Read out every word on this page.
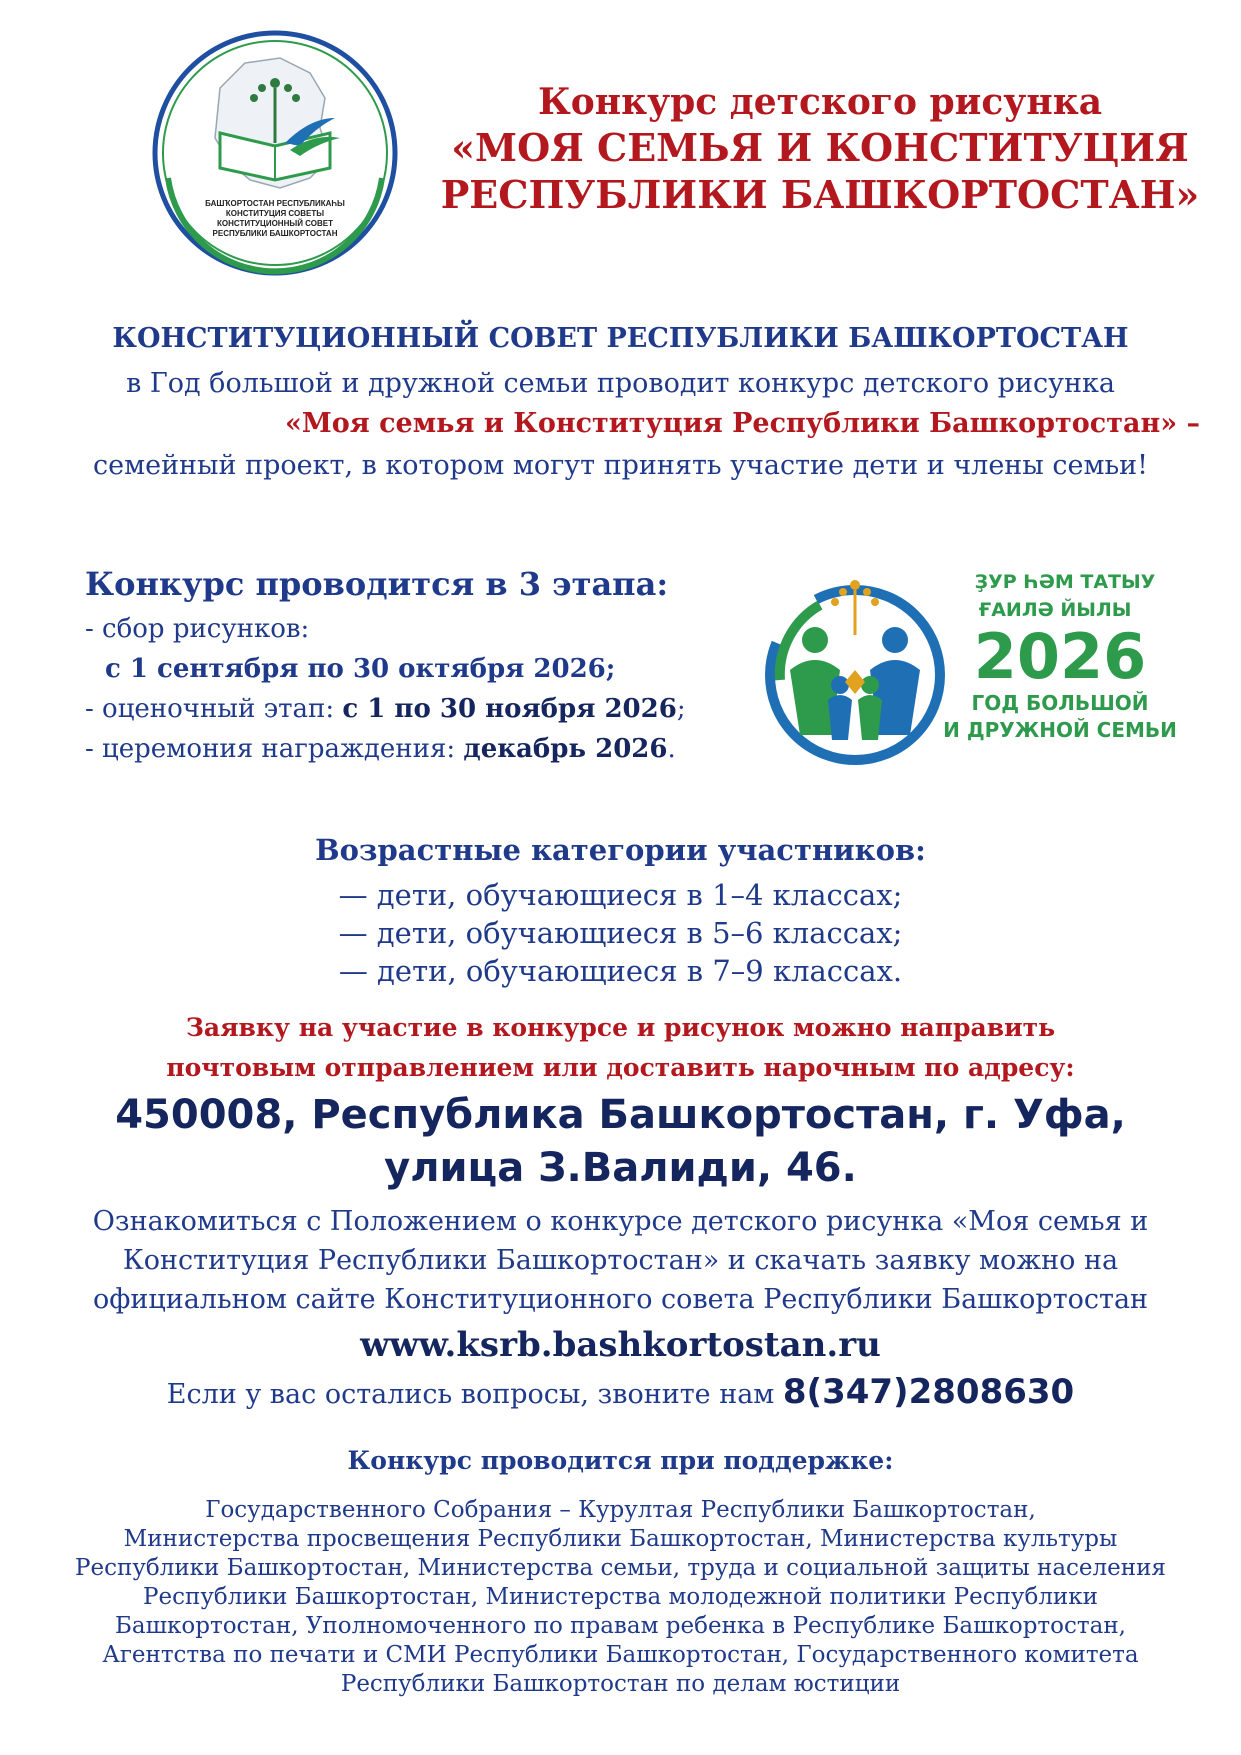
БАШҠОРТОСТАН РЕСПУБЛИКАҺЫ
КОНСТИТУЦИЯ СОВЕТЫ
КОНСТИТУЦИОННЫЙ СОВЕТ
РЕСПУБЛИКИ БАШКОРТОСТАН
Конкурс детского рисунка
«МОЯ СЕМЬЯ И КОНСТИТУЦИЯ
РЕСПУБЛИКИ БАШКОРТОСТАН»
КОНСТИТУЦИОННЫЙ СОВЕТ РЕСПУБЛИКИ БАШКОРТОСТАН
в Год большой и дружной семьи проводит конкурс детского рисунка
«Моя семья и Конституция Республики Башкортостан» –
семейный проект, в котором могут принять участие дети и члены семьи!
Конкурс проводится в 3 этапа:
- сбор рисунков:
с 1 сентября по 30 октября 2026;
- оценочный этап: с 1 по 30 ноября 2026;
- церемония награждения: декабрь 2026.
ҘУР ҺӘМ ТАТЫУ
ҒАИЛӘ ЙЫЛЫ
2026
ГОД БОЛЬШОЙ
И ДРУЖНОЙ СЕМЬИ
Возрастные категории участников:
— дети, обучающиеся в 1–4 классах;
— дети, обучающиеся в 5–6 классах;
— дети, обучающиеся в 7–9 классах.
Заявку на участие в конкурсе и рисунок можно направить
почтовым отправлением или доставить нарочным по адресу:
450008, Республика Башкортостан, г. Уфа,
улица З.Валиди, 46.
Ознакомиться с Положением о конкурсе детского рисунка «Моя семья и
Конституция Республики Башкортостан» и скачать заявку можно на
официальном сайте Конституционного совета Республики Башкортостан
www.ksrb.bashkortostan.ru
Если у вас остались вопросы, звоните нам 8(347)2808630
Конкурс проводится при поддержке:
Государственного Собрания – Курултая Республики Башкортостан,
Министерства просвещения Республики Башкортостан, Министерства культуры
Республики Башкортостан, Министерства семьи, труда и социальной защиты населения
Республики Башкортостан, Министерства молодежной политики Республики
Башкортостан, Уполномоченного по правам ребенка в Республике Башкортостан,
Агентства по печати и СМИ Республики Башкортостан, Государственного комитета
Республики Башкортостан по делам юстиции
